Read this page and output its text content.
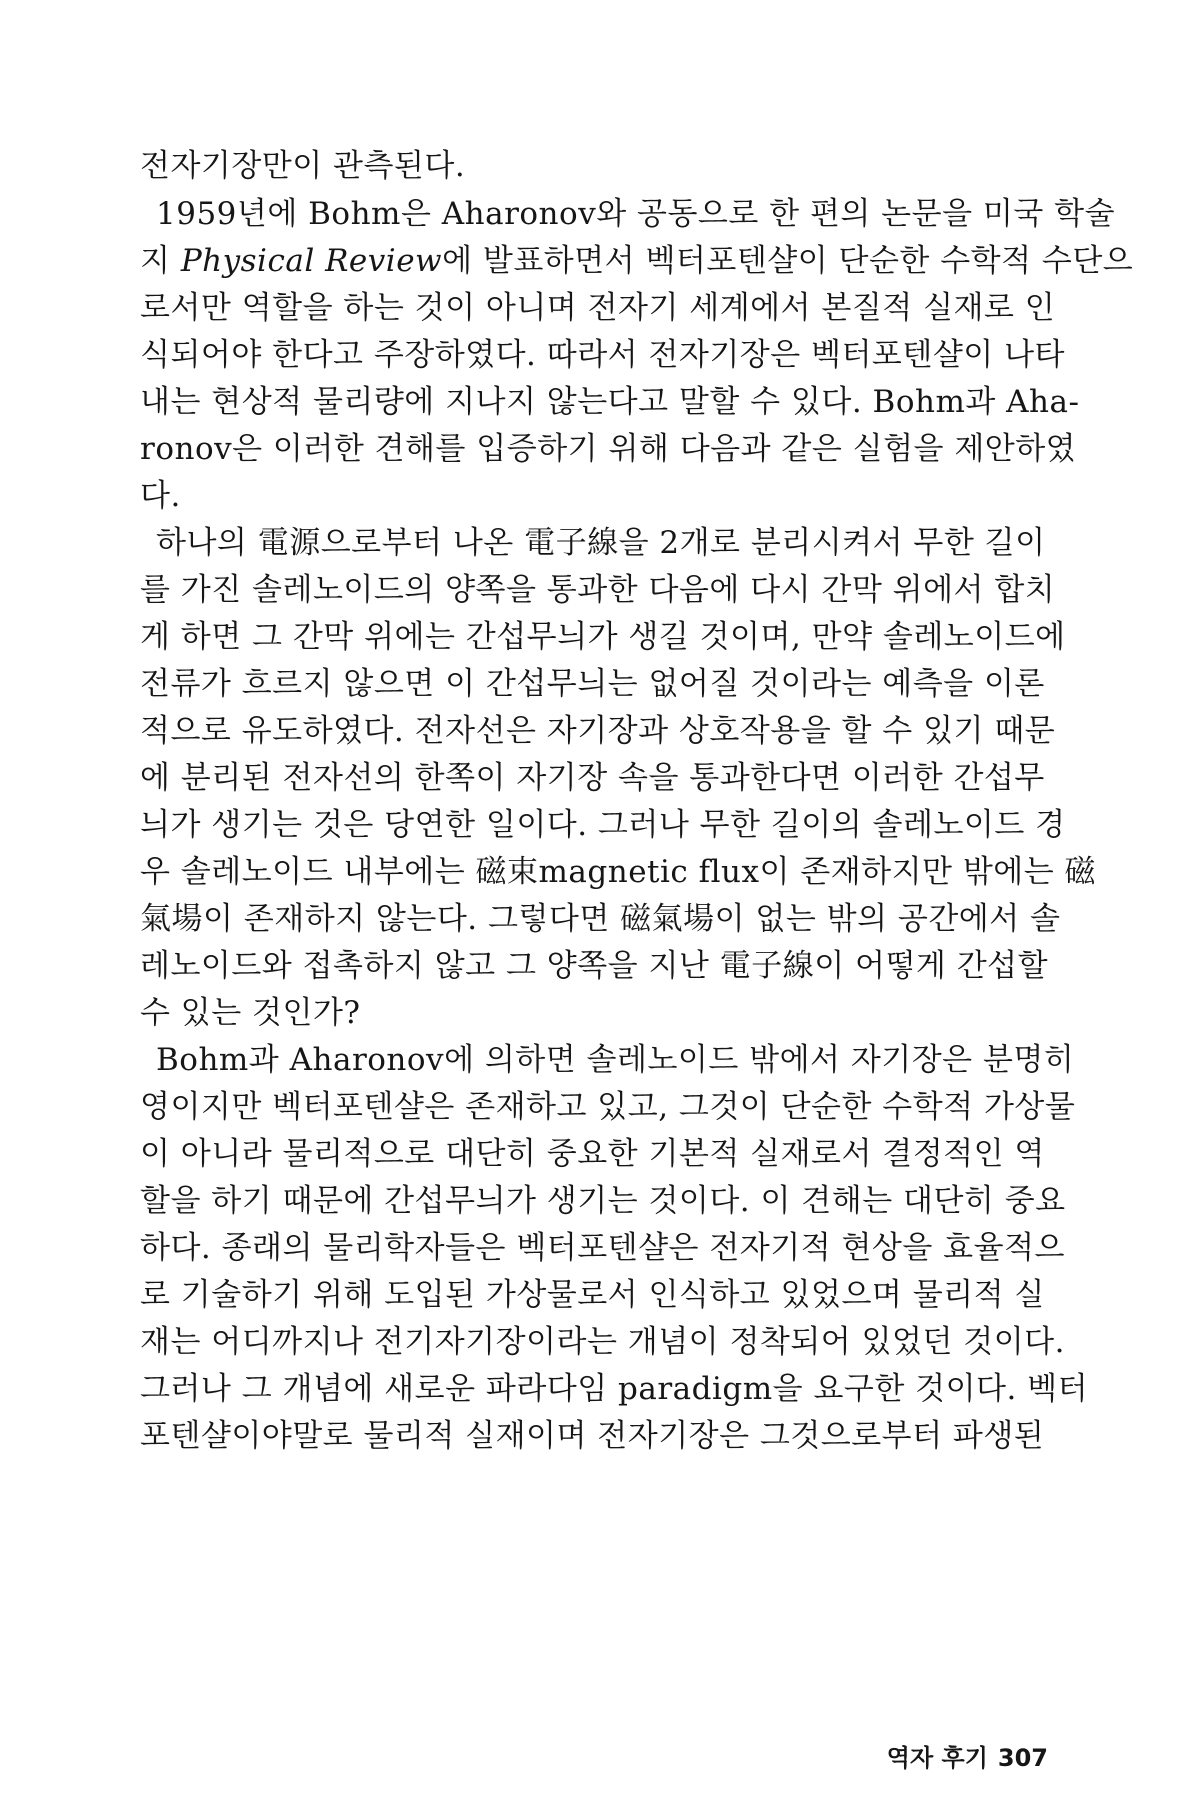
전자기장만이 관측된다.
1959년에 Bohm은 Aharonov와 공동으로 한 편의 논문을 미국 학술
지 Physical Review에 발표하면서 벡터포텐샬이 단순한 수학적 수단으
로서만 역할을 하는 것이 아니며 전자기 세계에서 본질적 실재로 인
식되어야 한다고 주장하였다. 따라서 전자기장은 벡터포텐샬이 나타
내는 현상적 물리량에 지나지 않는다고 말할 수 있다. Bohm과 Aha-
ronov은 이러한 견해를 입증하기 위해 다음과 같은 실험을 제안하였
다.
하나의 電源으로부터 나온 電子線을 2개로 분리시켜서 무한 길이
를 가진 솔레노이드의 양쪽을 통과한 다음에 다시 간막 위에서 합치
게 하면 그 간막 위에는 간섭무늬가 생길 것이며, 만약 솔레노이드에
전류가 흐르지 않으면 이 간섭무늬는 없어질 것이라는 예측을 이론
적으로 유도하였다. 전자선은 자기장과 상호작용을 할 수 있기 때문
에 분리된 전자선의 한쪽이 자기장 속을 통과한다면 이러한 간섭무
늬가 생기는 것은 당연한 일이다. 그러나 무한 길이의 솔레노이드 경
우 솔레노이드 내부에는 磁束magnetic flux이 존재하지만 밖에는 磁
氣場이 존재하지 않는다. 그렇다면 磁氣場이 없는 밖의 공간에서 솔
레노이드와 접촉하지 않고 그 양쪽을 지난 電子線이 어떻게 간섭할
수 있는 것인가?
Bohm과 Aharonov에 의하면 솔레노이드 밖에서 자기장은 분명히
영이지만 벡터포텐샬은 존재하고 있고, 그것이 단순한 수학적 가상물
이 아니라 물리적으로 대단히 중요한 기본적 실재로서 결정적인 역
할을 하기 때문에 간섭무늬가 생기는 것이다. 이 견해는 대단히 중요
하다. 종래의 물리학자들은 벡터포텐샬은 전자기적 현상을 효율적으
로 기술하기 위해 도입된 가상물로서 인식하고 있었으며 물리적 실
재는 어디까지나 전기자기장이라는 개념이 정착되어 있었던 것이다.
그러나 그 개념에 새로운 파라다임 paradigm을 요구한 것이다. 벡터
포텐샬이야말로 물리적 실재이며 전자기장은 그것으로부터 파생된
역자 후기 307
